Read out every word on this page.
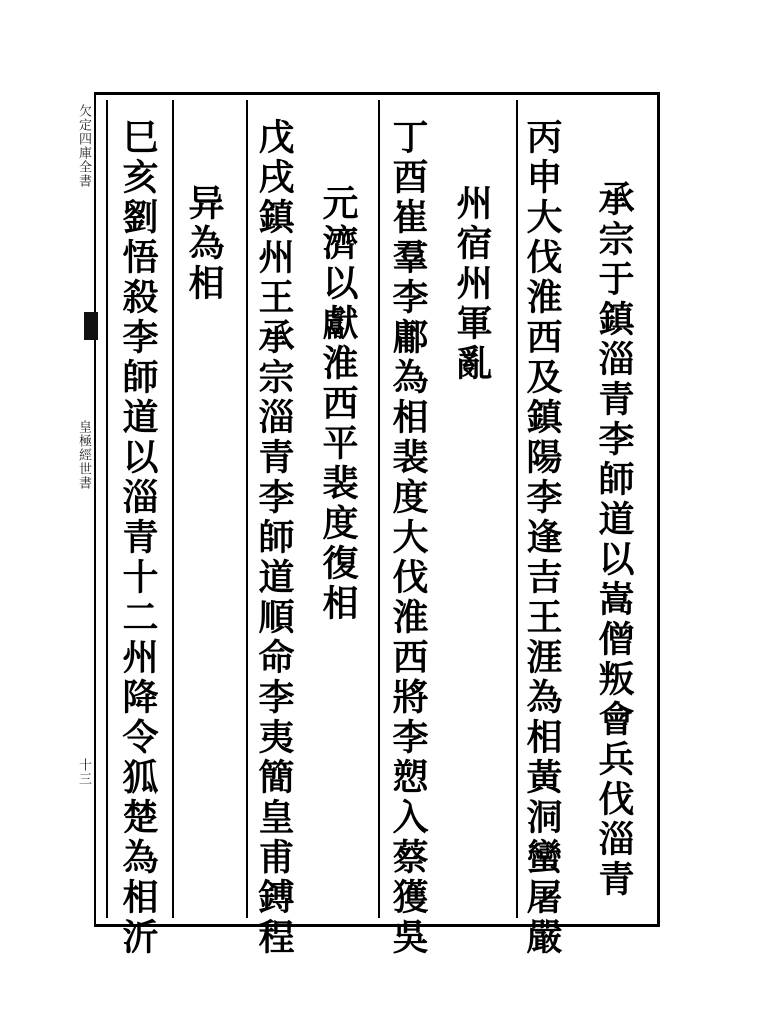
欠定四庫全書
皇極經世書
十三	承宗于鎮淄青李師道以嵩僧叛會兵伐淄青
丙申大伐淮西及鎮陽李逢吉王涯為相黃洞蠻屠嚴
州宿州軍亂
丁酉崔羣李鄘為相裴度大伐淮西將李愬入蔡獲吳
元濟以獻淮西平裴度復相
戊戌鎮州王承宗淄青李師道順命李夷簡皇甫鎛程
异為相
巳亥劉悟殺李師道以淄青十二州降令狐楚為相沂
